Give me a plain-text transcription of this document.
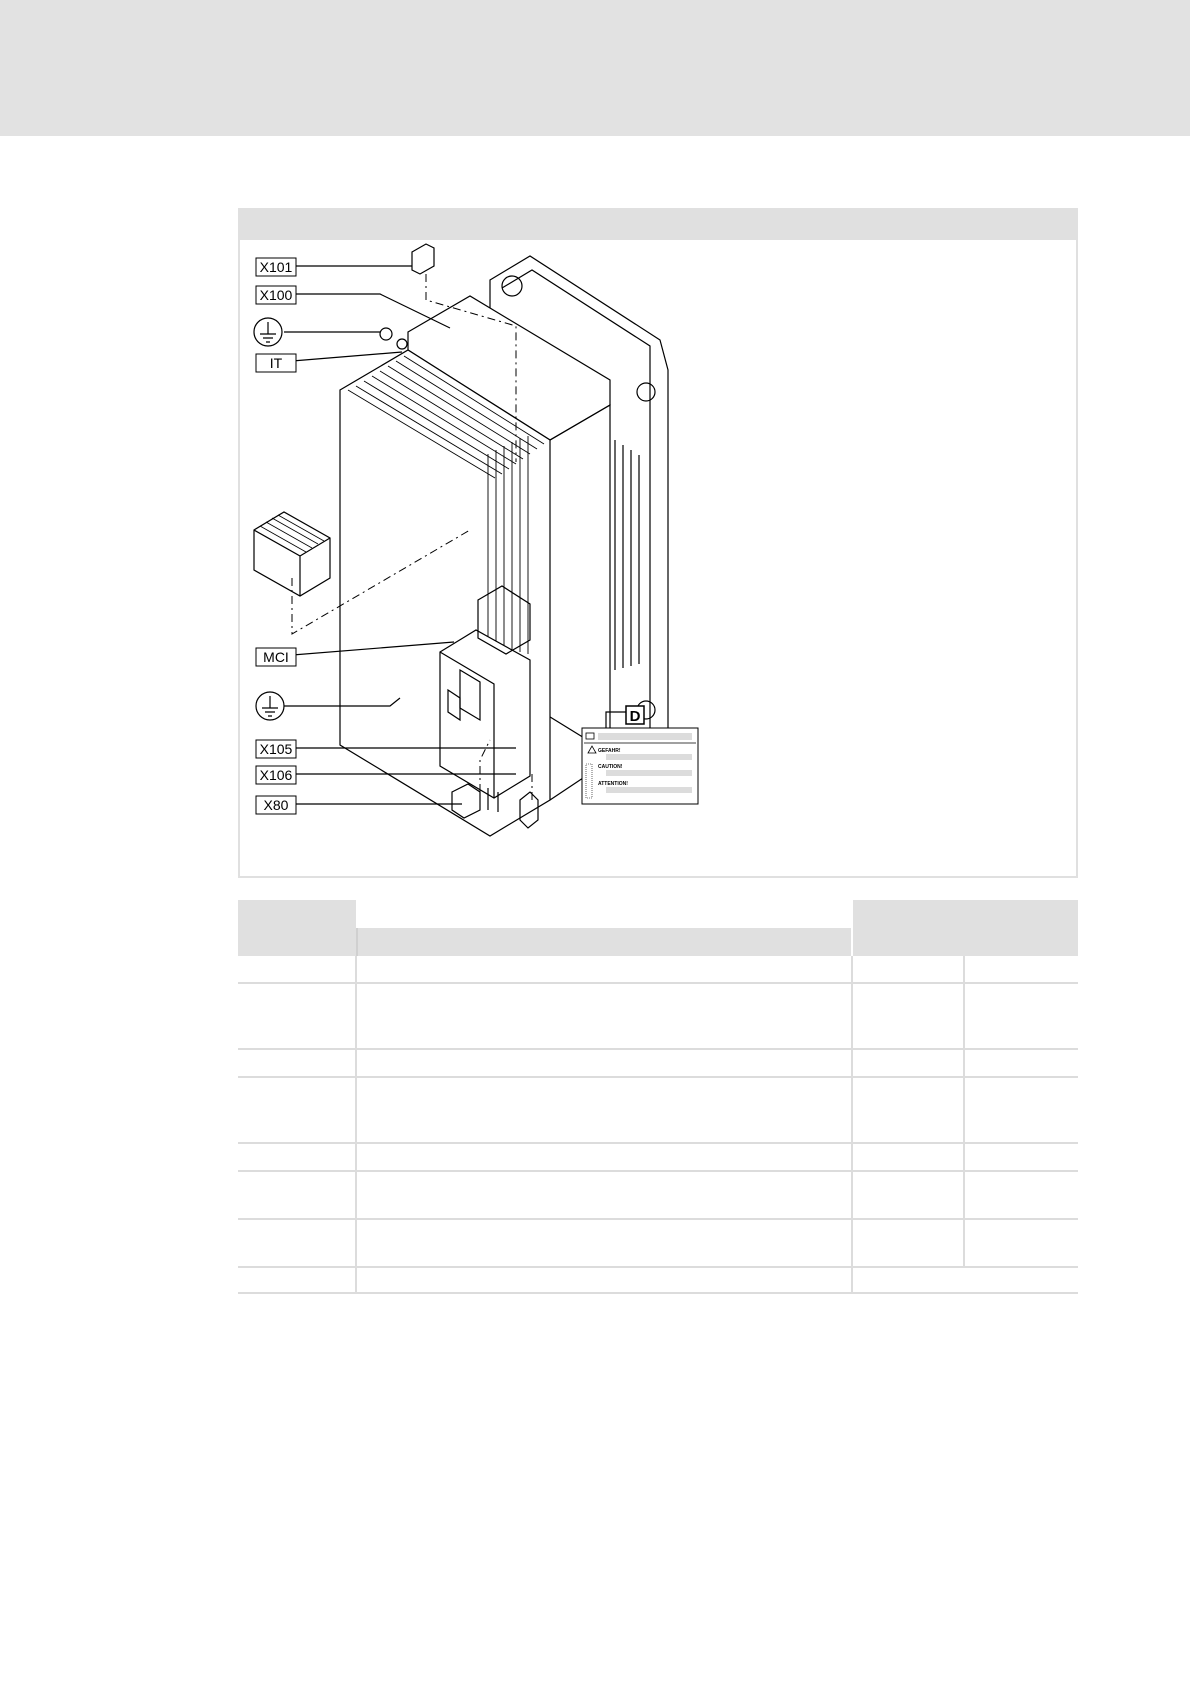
X101
X100
IT
MCI
X105
X106
X80
D
GEFAHR!
CAUTION!
ATTENTION!
